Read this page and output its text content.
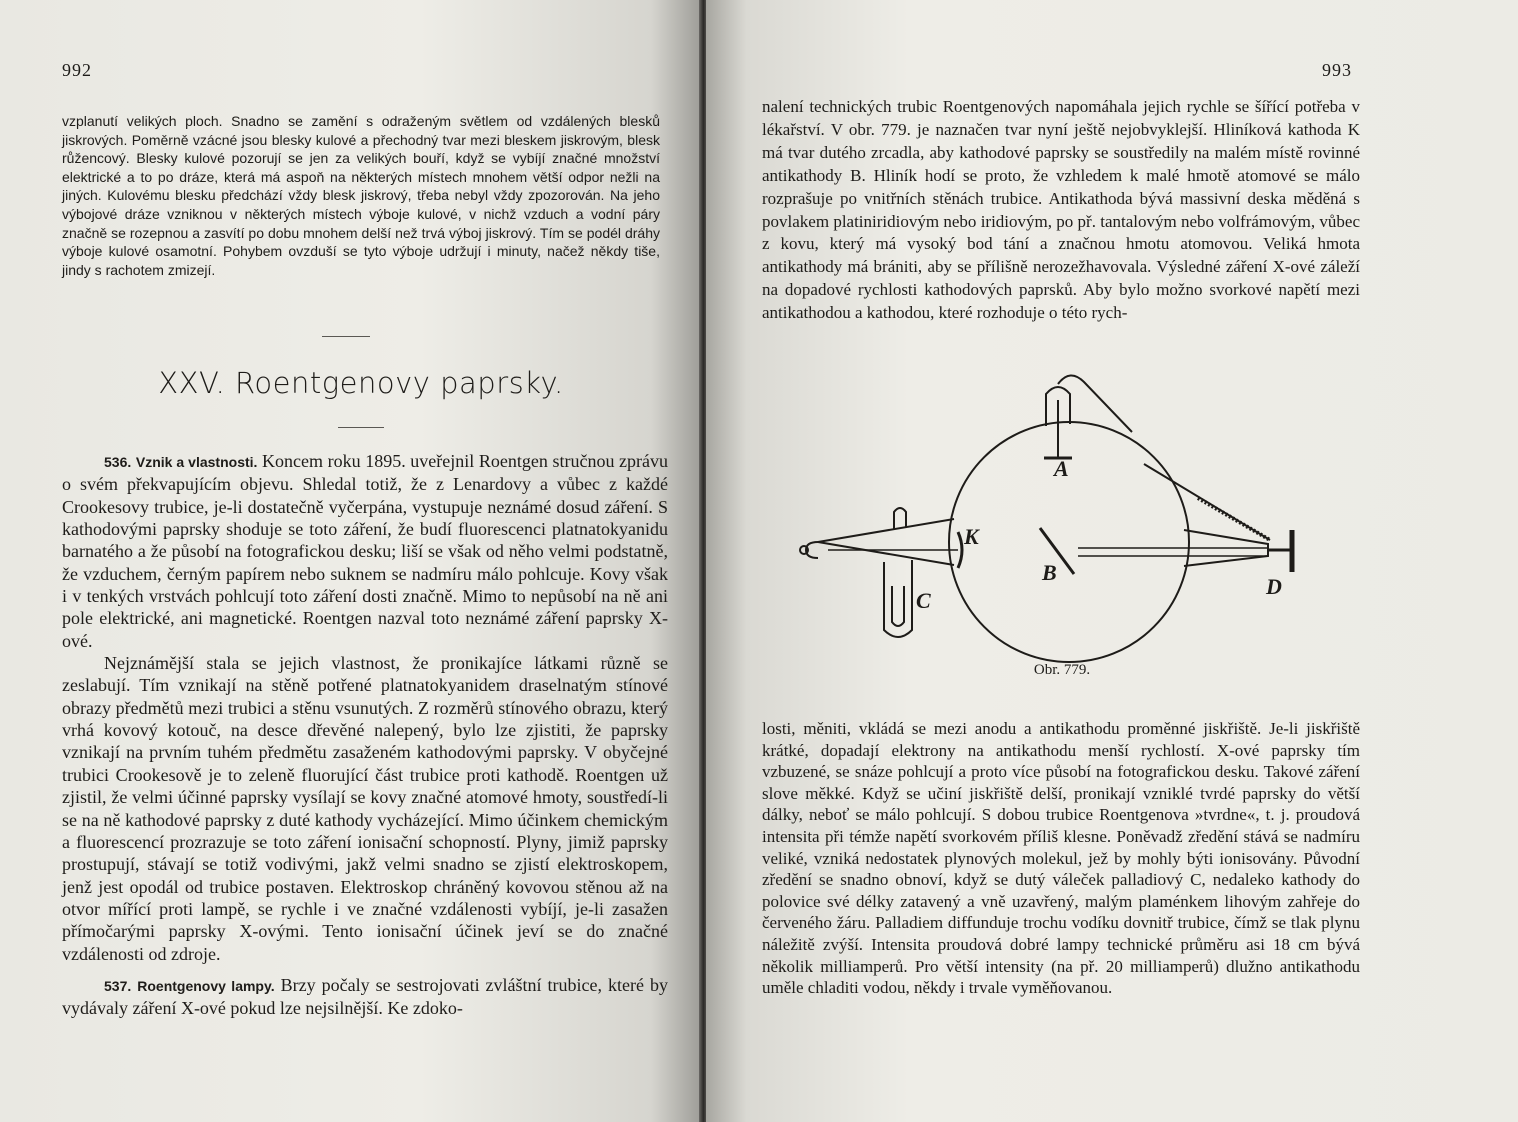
992
vzplanutí velikých ploch. Snadno se zamění s odraženým světlem od vzdálených blesků jiskrových. Poměrně vzácné jsou blesky kulové a přechodný tvar mezi bleskem jiskrovým, blesk růžencový. Blesky kulové pozorují se jen za velikých bouří, když se vybíjí značné množství elektrické a to po dráze, která má aspoň na některých místech mnohem větší odpor nežli na jiných. Kulovému blesku předchází vždy blesk jiskrový, třeba nebyl vždy zpozorován. Na jeho výbojové dráze vzniknou v některých místech výboje kulové, v nichž vzduch a vodní páry značně se rozepnou a zasvítí po dobu mnohem delší než trvá výboj jiskrový. Tím se podél dráhy výboje kulové osamotní. Pohybem ovzduší se tyto výboje udržují i minuty, načež někdy tiše, jindy s rachotem zmizejí.
XXV. Roentgenovy paprsky.

536. Vznik a vlastnosti. Koncem roku 1895. uveřejnil Roentgen stručnou zprávu o svém překvapujícím objevu. Shledal totiž, že z Lenardovy a vůbec z každé Crookesovy trubice, je-li dostatečně vyčerpána, vystupuje neznámé dosud záření. S kathodovými paprsky shoduje se toto záření, že budí fluorescenci platnatokyanidu barnatého a že působí na fotografickou desku; liší se však od něho velmi podstatně, že vzduchem, černým papírem nebo suknem se nadmíru málo pohlcuje. Kovy však i v tenkých vrstvách pohlcují toto záření dosti značně. Mimo to nepůsobí na ně ani pole elektrické, ani magnetické. Roentgen nazval toto neznámé záření paprsky X-ové.

Nejznámější stala se jejich vlastnost, že pronikajíce látkami různě se zeslabují. Tím vznikají na stěně potřené platnatokyanidem draselnatým stínové obrazy předmětů mezi trubici a stěnu vsunutých. Z rozměrů stínového obrazu, který vrhá kovový kotouč, na desce dřevěné nalepený, bylo lze zjistiti, že paprsky vznikají na prvním tuhém předmětu zasaženém kathodovými paprsky. V obyčejné trubici Crookesově je to zeleně fluorující část trubice proti kathodě. Roentgen už zjistil, že velmi účinné paprsky vysílají se kovy značné atomové hmoty, soustředí-li se na ně kathodové paprsky z duté kathody vycházející. Mimo účinkem chemickým a fluorescencí prozrazuje se toto záření ionisační schopností. Plyny, jimiž paprsky prostupují, stávají se totiž vodivými, jakž velmi snadno se zjistí elektroskopem, jenž jest opodál od trubice postaven. Elektroskop chráněný kovovou stěnou až na otvor mířící proti lampě, se rychle i ve značné vzdálenosti vybíjí, je-li zasažen přímočarými paprsky X-ovými. Tento ionisační účinek jeví se do značné vzdálenosti od zdroje.

537. Roentgenovy lampy. Brzy počaly se sestrojovati zvláštní trubice, které by vydávaly záření X-ové pokud lze nejsilnější. Ke zdoko-

993
nalení technických trubic Roentgenových napomáhala jejich rychle se šířící potřeba v lékařství. V obr. 779. je naznačen tvar nyní ještě nejobvyklejší. Hliníková kathoda K má tvar dutého zrcadla, aby kathodové paprsky se soustředily na malém místě rovinné antikathody B. Hliník hodí se proto, že vzhledem k malé hmotě atomové se málo rozprašuje po vnitřních stěnách trubice. Antikathoda bývá massivní deska měděná s povlakem platiniridiovým nebo iridiovým, po př. tantalovým nebo volfrámovým, vůbec z kovu, který má vysoký bod tání a značnou hmotu atomovou. Veliká hmota antikathody má brániti, aby se přílišně nerozežhavovala. Výsledné záření X-ové záleží na dopadové rychlosti kathodových paprsků. Aby bylo možno svorkové napětí mezi antikathodou a kathodou, které rozhoduje o této rych-
A
K
B
C
D
Obr. 779.
losti, měniti, vkládá se mezi anodu a antikathodu proměnné jiskřiště. Je-li jiskřiště krátké, dopadají elektrony na antikathodu menší rychlostí. X-ové paprsky tím vzbuzené, se snáze pohlcují a proto více působí na fotografickou desku. Takové záření slove měkké. Když se učiní jiskřiště delší, pronikají vzniklé tvrdé paprsky do větší dálky, neboť se málo pohlcují. S dobou trubice Roentgenova »tvrdne«, t. j. proudová intensita při témže napětí svorkovém příliš klesne. Poněvadž zředění stává se nadmíru veliké, vzniká nedostatek plynových molekul, jež by mohly býti ionisovány. Původní zředění se snadno obnoví, když se dutý váleček palladiový C, nedaleko kathody do polovice své délky zatavený a vně uzavřený, malým plaménkem lihovým zahřeje do červeného žáru. Palladiem diffunduje trochu vodíku dovnitř trubice, čímž se tlak plynu náležitě zvýší. Intensita proudová dobré lampy technické průměru asi 18 cm bývá několik milliamperů. Pro větší intensity (na př. 20 milliamperů) dlužno antikathodu uměle chladiti vodou, někdy i trvale vyměňovanou.
